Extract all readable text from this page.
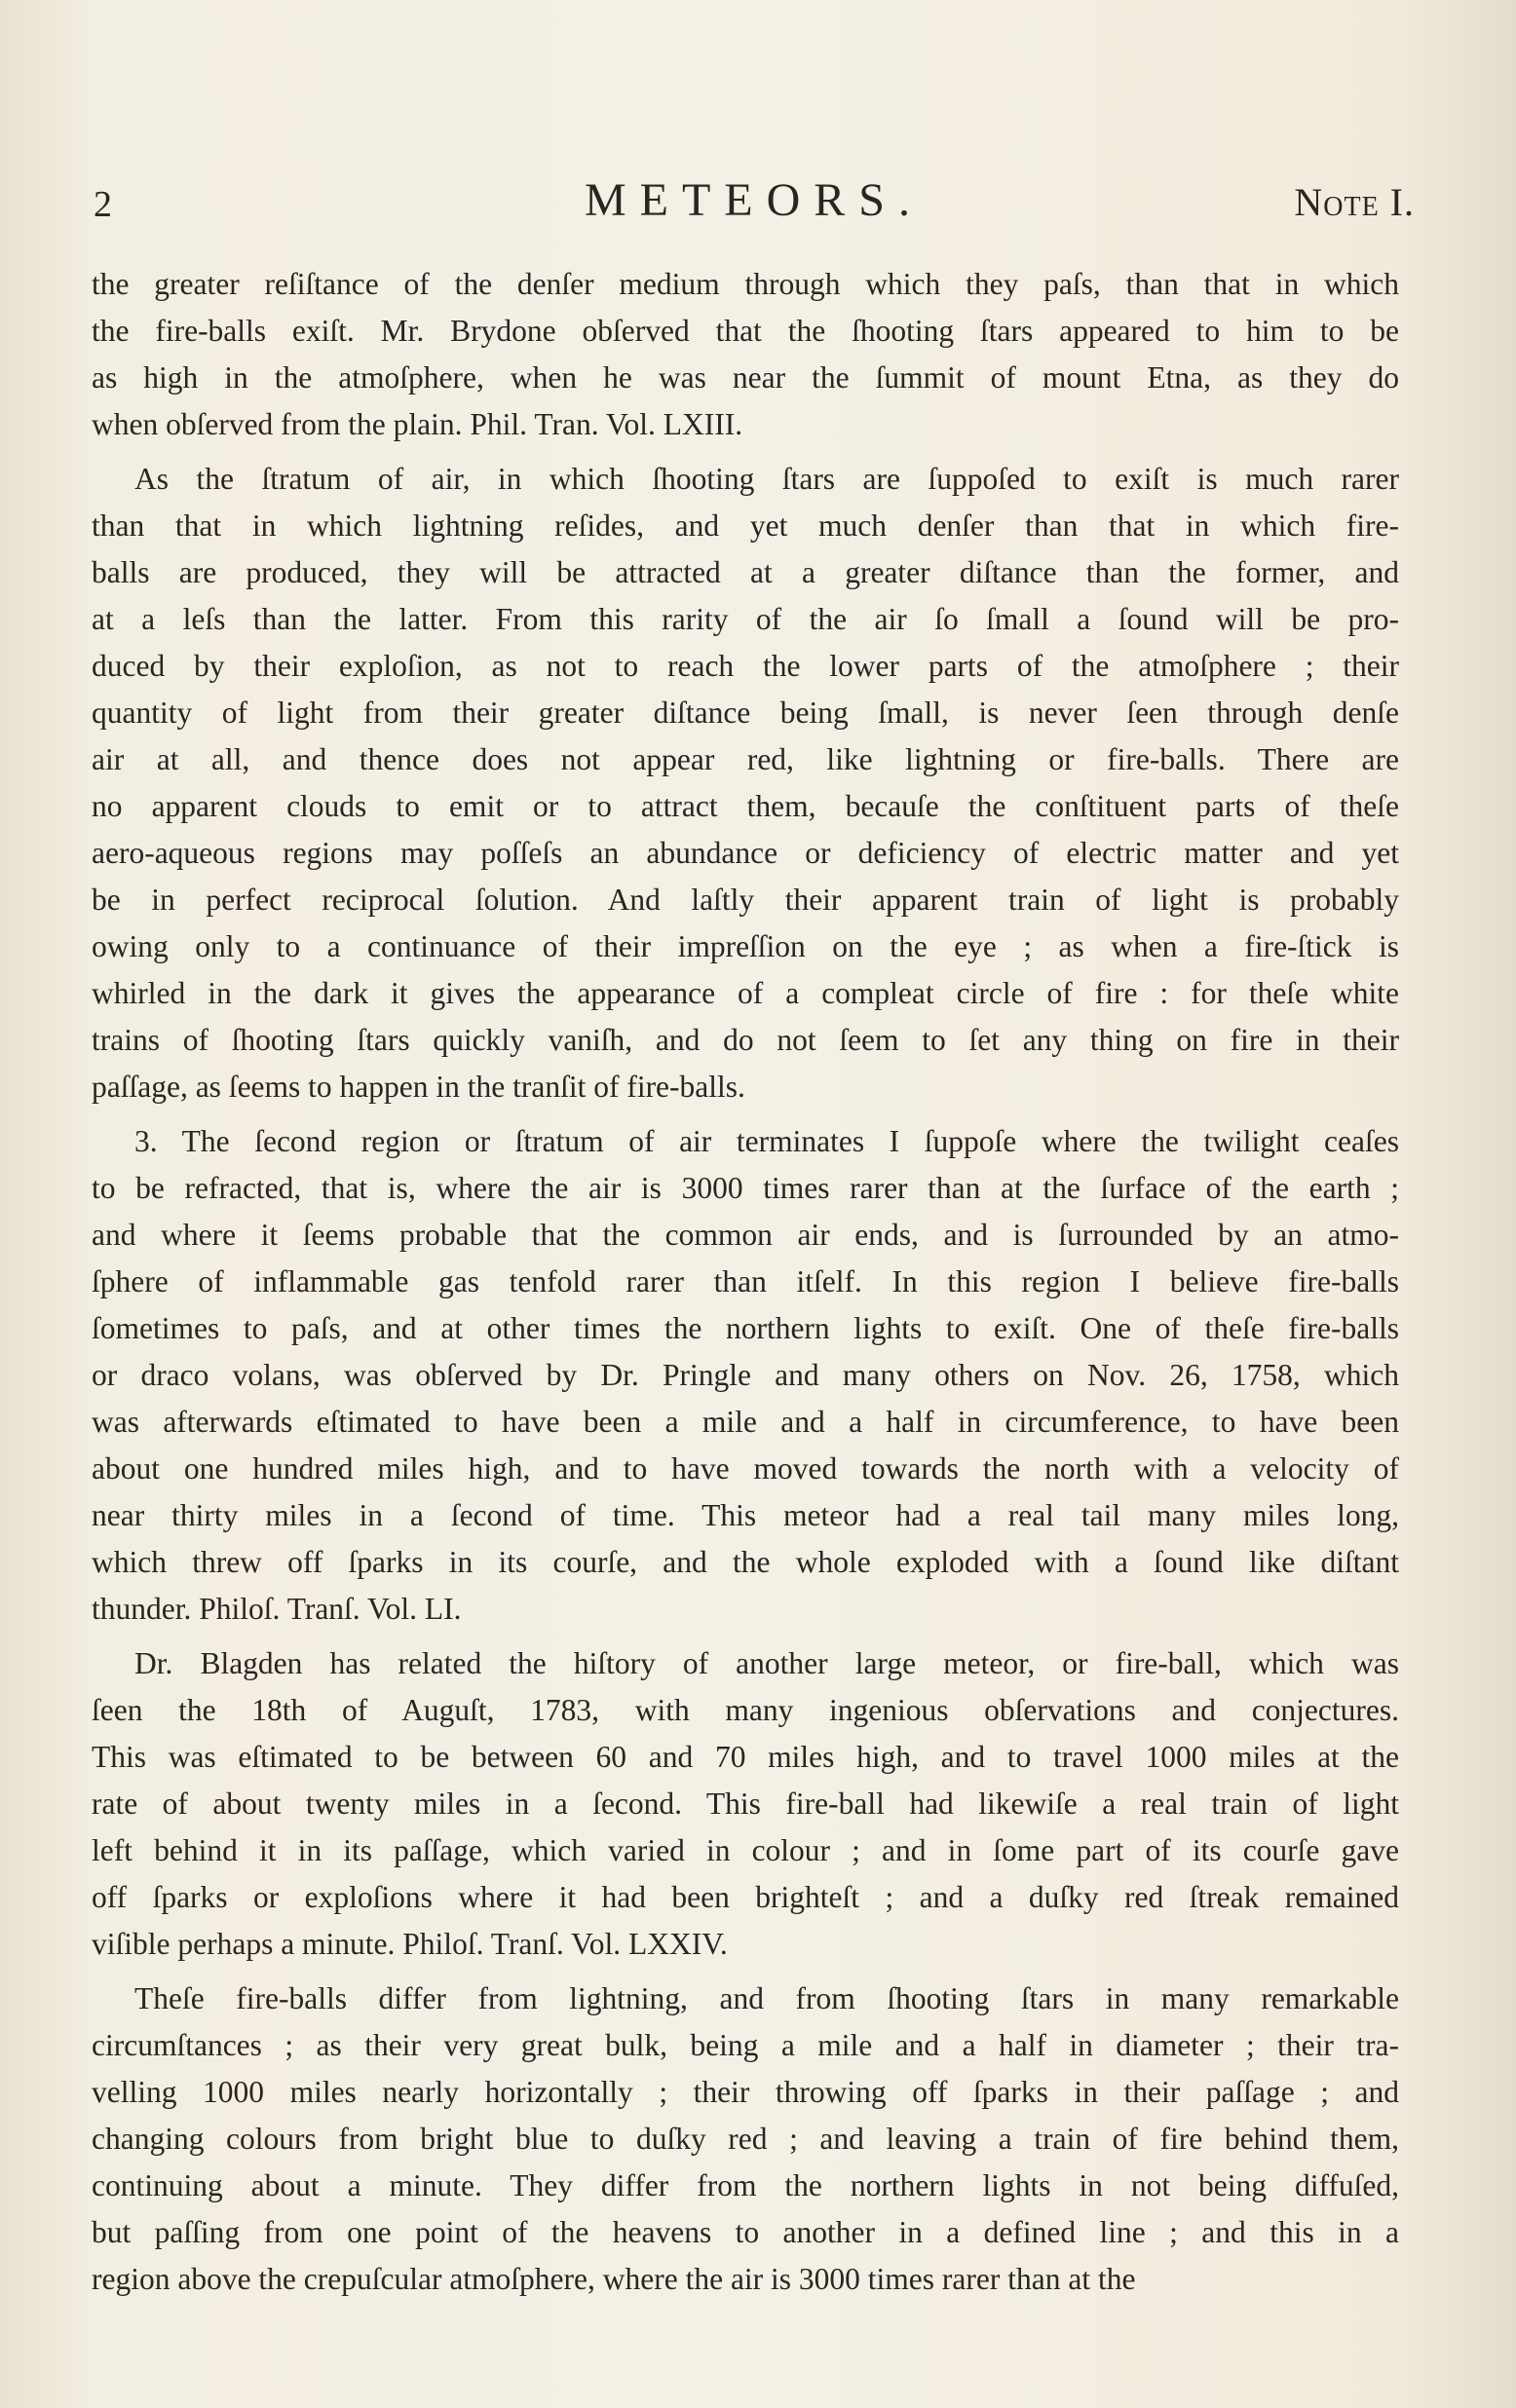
2	METEORS.	Note I.
the greater reſiſtance of the denſer medium through which they paſs, than that in which
the fire-balls exiſt. Mr. Brydone obſerved that the ſhooting ſtars appeared to him to be
as high in the atmoſphere, when he was near the ſummit of mount Etna, as they do
when obſerved from the plain. Phil. Tran. Vol. LXIII.
As the ſtratum of air, in which ſhooting ſtars are ſuppoſed to exiſt is much rarer
than that in which lightning reſides, and yet much denſer than that in which fire-
balls are produced, they will be attracted at a greater diſtance than the former, and
at a leſs than the latter. From this rarity of the air ſo ſmall a ſound will be pro-
duced by their exploſion, as not to reach the lower parts of the atmoſphere ; their
quantity of light from their greater diſtance being ſmall, is never ſeen through denſe
air at all, and thence does not appear red, like lightning or fire-balls. There are
no apparent clouds to emit or to attract them, becauſe the conſtituent parts of theſe
aero-aqueous regions may poſſeſs an abundance or deficiency of electric matter and yet
be in perfect reciprocal ſolution. And laſtly their apparent train of light is probably
owing only to a continuance of their impreſſion on the eye ; as when a fire-ſtick is
whirled in the dark it gives the appearance of a compleat circle of fire : for theſe white
trains of ſhooting ſtars quickly vaniſh, and do not ſeem to ſet any thing on fire in their
paſſage, as ſeems to happen in the tranſit of fire-balls.
3. The ſecond region or ſtratum of air terminates I ſuppoſe where the twilight ceaſes
to be refracted, that is, where the air is 3000 times rarer than at the ſurface of the earth ;
and where it ſeems probable that the common air ends, and is ſurrounded by an atmo-
ſphere of inflammable gas tenfold rarer than itſelf. In this region I believe fire-balls
ſometimes to paſs, and at other times the northern lights to exiſt. One of theſe fire-balls
or draco volans, was obſerved by Dr. Pringle and many others on Nov. 26, 1758, which
was afterwards eſtimated to have been a mile and a half in circumference, to have been
about one hundred miles high, and to have moved towards the north with a velocity of
near thirty miles in a ſecond of time. This meteor had a real tail many miles long,
which threw off ſparks in its courſe, and the whole exploded with a ſound like diſtant
thunder. Philoſ. Tranſ. Vol. LI.
Dr. Blagden has related the hiſtory of another large meteor, or fire-ball, which was
ſeen the 18th of Auguſt, 1783, with many ingenious obſervations and conjectures.
This was eſtimated to be between 60 and 70 miles high, and to travel 1000 miles at the
rate of about twenty miles in a ſecond. This fire-ball had likewiſe a real train of light
left behind it in its paſſage, which varied in colour ; and in ſome part of its courſe gave
off ſparks or exploſions where it had been brighteſt ; and a duſky red ſtreak remained
viſible perhaps a minute. Philoſ. Tranſ. Vol. LXXIV.
Theſe fire-balls differ from lightning, and from ſhooting ſtars in many remarkable
circumſtances ; as their very great bulk, being a mile and a half in diameter ; their tra-
velling 1000 miles nearly horizontally ; their throwing off ſparks in their paſſage ; and
changing colours from bright blue to duſky red ; and leaving a train of fire behind them,
continuing about a minute. They differ from the northern lights in not being diffuſed,
but paſſing from one point of the heavens to another in a defined line ; and this in a
region above the crepuſcular atmoſphere, where the air is 3000 times rarer than at the
